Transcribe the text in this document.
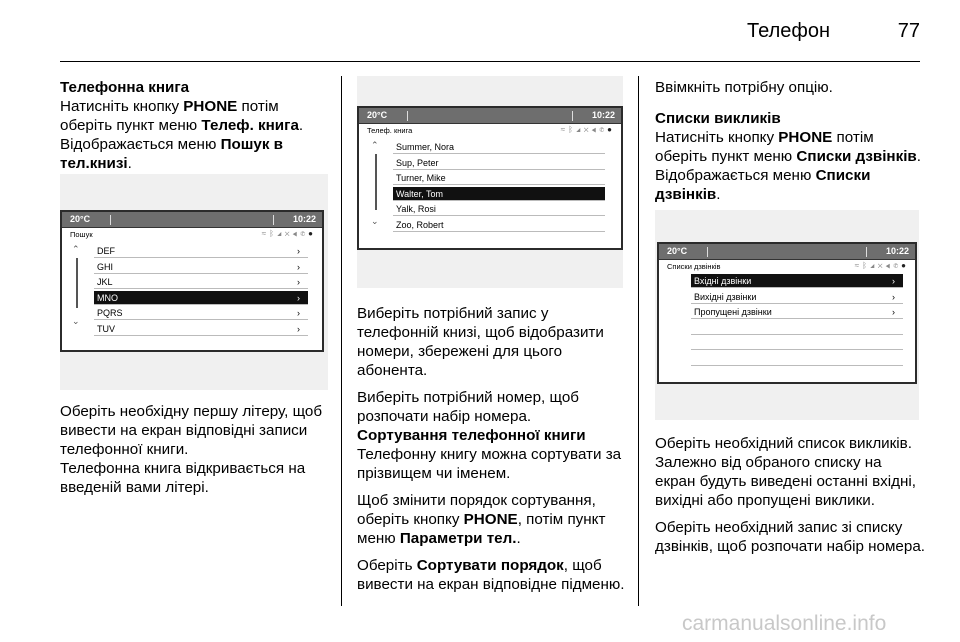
Телефон	77
Телефонна книга

Натисніть кнопку PHONE потім оберіть пункт меню Телеф. книга. Відображається меню Пошук в тел.книзі.

Оберіть необхідну першу літеру, щоб вивести на екран відповідні записи телефонної книги.

Телефонна книга відкривається на введеній вами літері.

20°C	10:22
Пошук	≈ᛒ◢✕◀✆●
⌃
⌄
DEF	›
GHI	›
JKL	›
MNO	›
PQRS	›
TUV	›
20°C	10:22
Телеф. книга	≈ᛒ◢✕◀✆●
⌃
⌄
Summer, Nora
Sup, Peter
Turner, Mike
Walter, Tom
Yalk, Rosi
Zoo, Robert

Виберіть потрібний запис у телефонній книзі, щоб відобразити номери, збережені для цього абонента.

Виберіть потрібний номер, щоб розпочати набір номера.

Сортування телефонної книги

Телефонну книгу можна сортувати за прізвищем чи іменем.

Щоб змінити порядок сортування, оберіть кнопку PHONE, потім пункт меню Параметри тел..

Оберіть Сортувати порядок, щоб вивести на екран відповідне підменю.

Ввімкніть потрібну опцію.

Списки викликів

Натисніть кнопку PHONE потім оберіть пункт меню Списки дзвінків. Відображається меню Списки дзвінків.

20°C	10:22
Списки дзвінків	≈ᛒ◢✕◀✆●
Вхідні дзвінки	›
Вихідні дзвінки	›
Пропущені дзвінки	›

Оберіть необхідний список викликів. Залежно від обраного списку на екран будуть виведені останні вхідні, вихідні або пропущені виклики.

Оберіть необхідний запис зі списку дзвінків, щоб розпочати набір номера.

carmanualsonline.info
